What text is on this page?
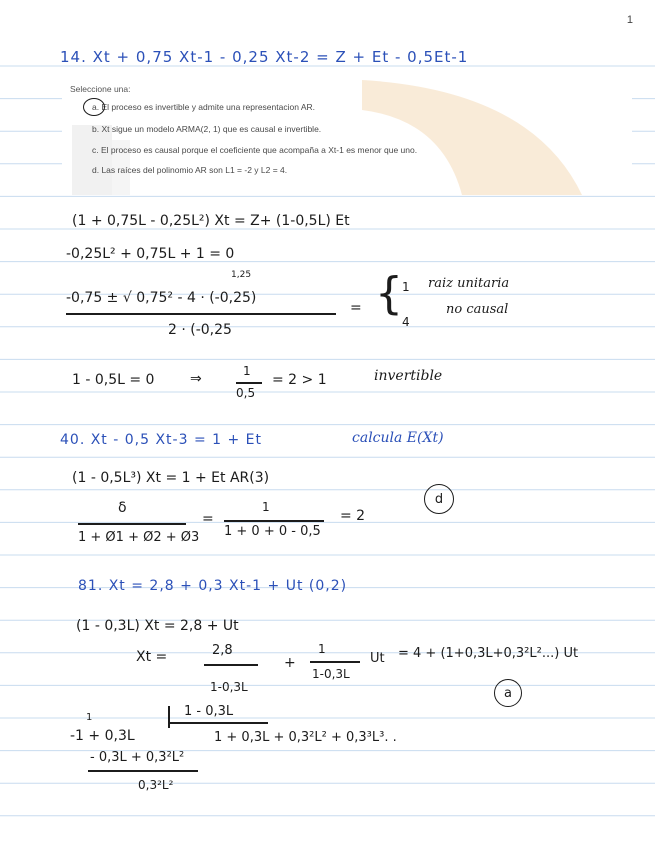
1
14. Xt + 0,75 Xt-1 - 0,25 Xt-2 = Z + Et - 0,5Et-1
Seleccione una:
a. El proceso es invertible y admite una representacion AR.
b. Xt sigue un modelo ARMA(2, 1) que es causal e invertible.
c. El proceso es causal porque el coeficiente que acompaña a Xt-1 es menor que uno.
d. Las raíces del polinomio AR son L1 = -2 y L2 = 4.
(1 + 0,75L - 0,25L²) Xt = Z+ (1-0,5L) Et
-0,25L² + 0,75L + 1 = 0
1,25
-0,75 ± √ 0,75² - 4 · (-0,25)
2 · (-0,25
= { 1
4
raiz unitaria
no causal
1 - 0,5L = 0	⇒	1
0,5
= 2 > 1	invertible
40. Xt - 0,5 Xt-3 = 1 + Et	calcula E(Xt)
(1 - 0,5L³) Xt = 1 + Et AR(3)
d
δ
1 + Ø1 + Ø2 + Ø3
=
1
1 + 0 + 0 - 0,5
= 2
81. Xt = 2,8 + 0,3 Xt-1 + Ut (0,2)
(1 - 0,3L) Xt = 2,8 + Ut
Xt =	2,8
1-0,3L
+
1
1-0,3L
Ut = 4 + (1+0,3L+0,3²L²...) Ut
a
1
-1 + 0,3L
1 - 0,3L
1 + 0,3L + 0,3²L² + 0,3³L³. .
- 0,3L + 0,3²L²
0,3²L²
